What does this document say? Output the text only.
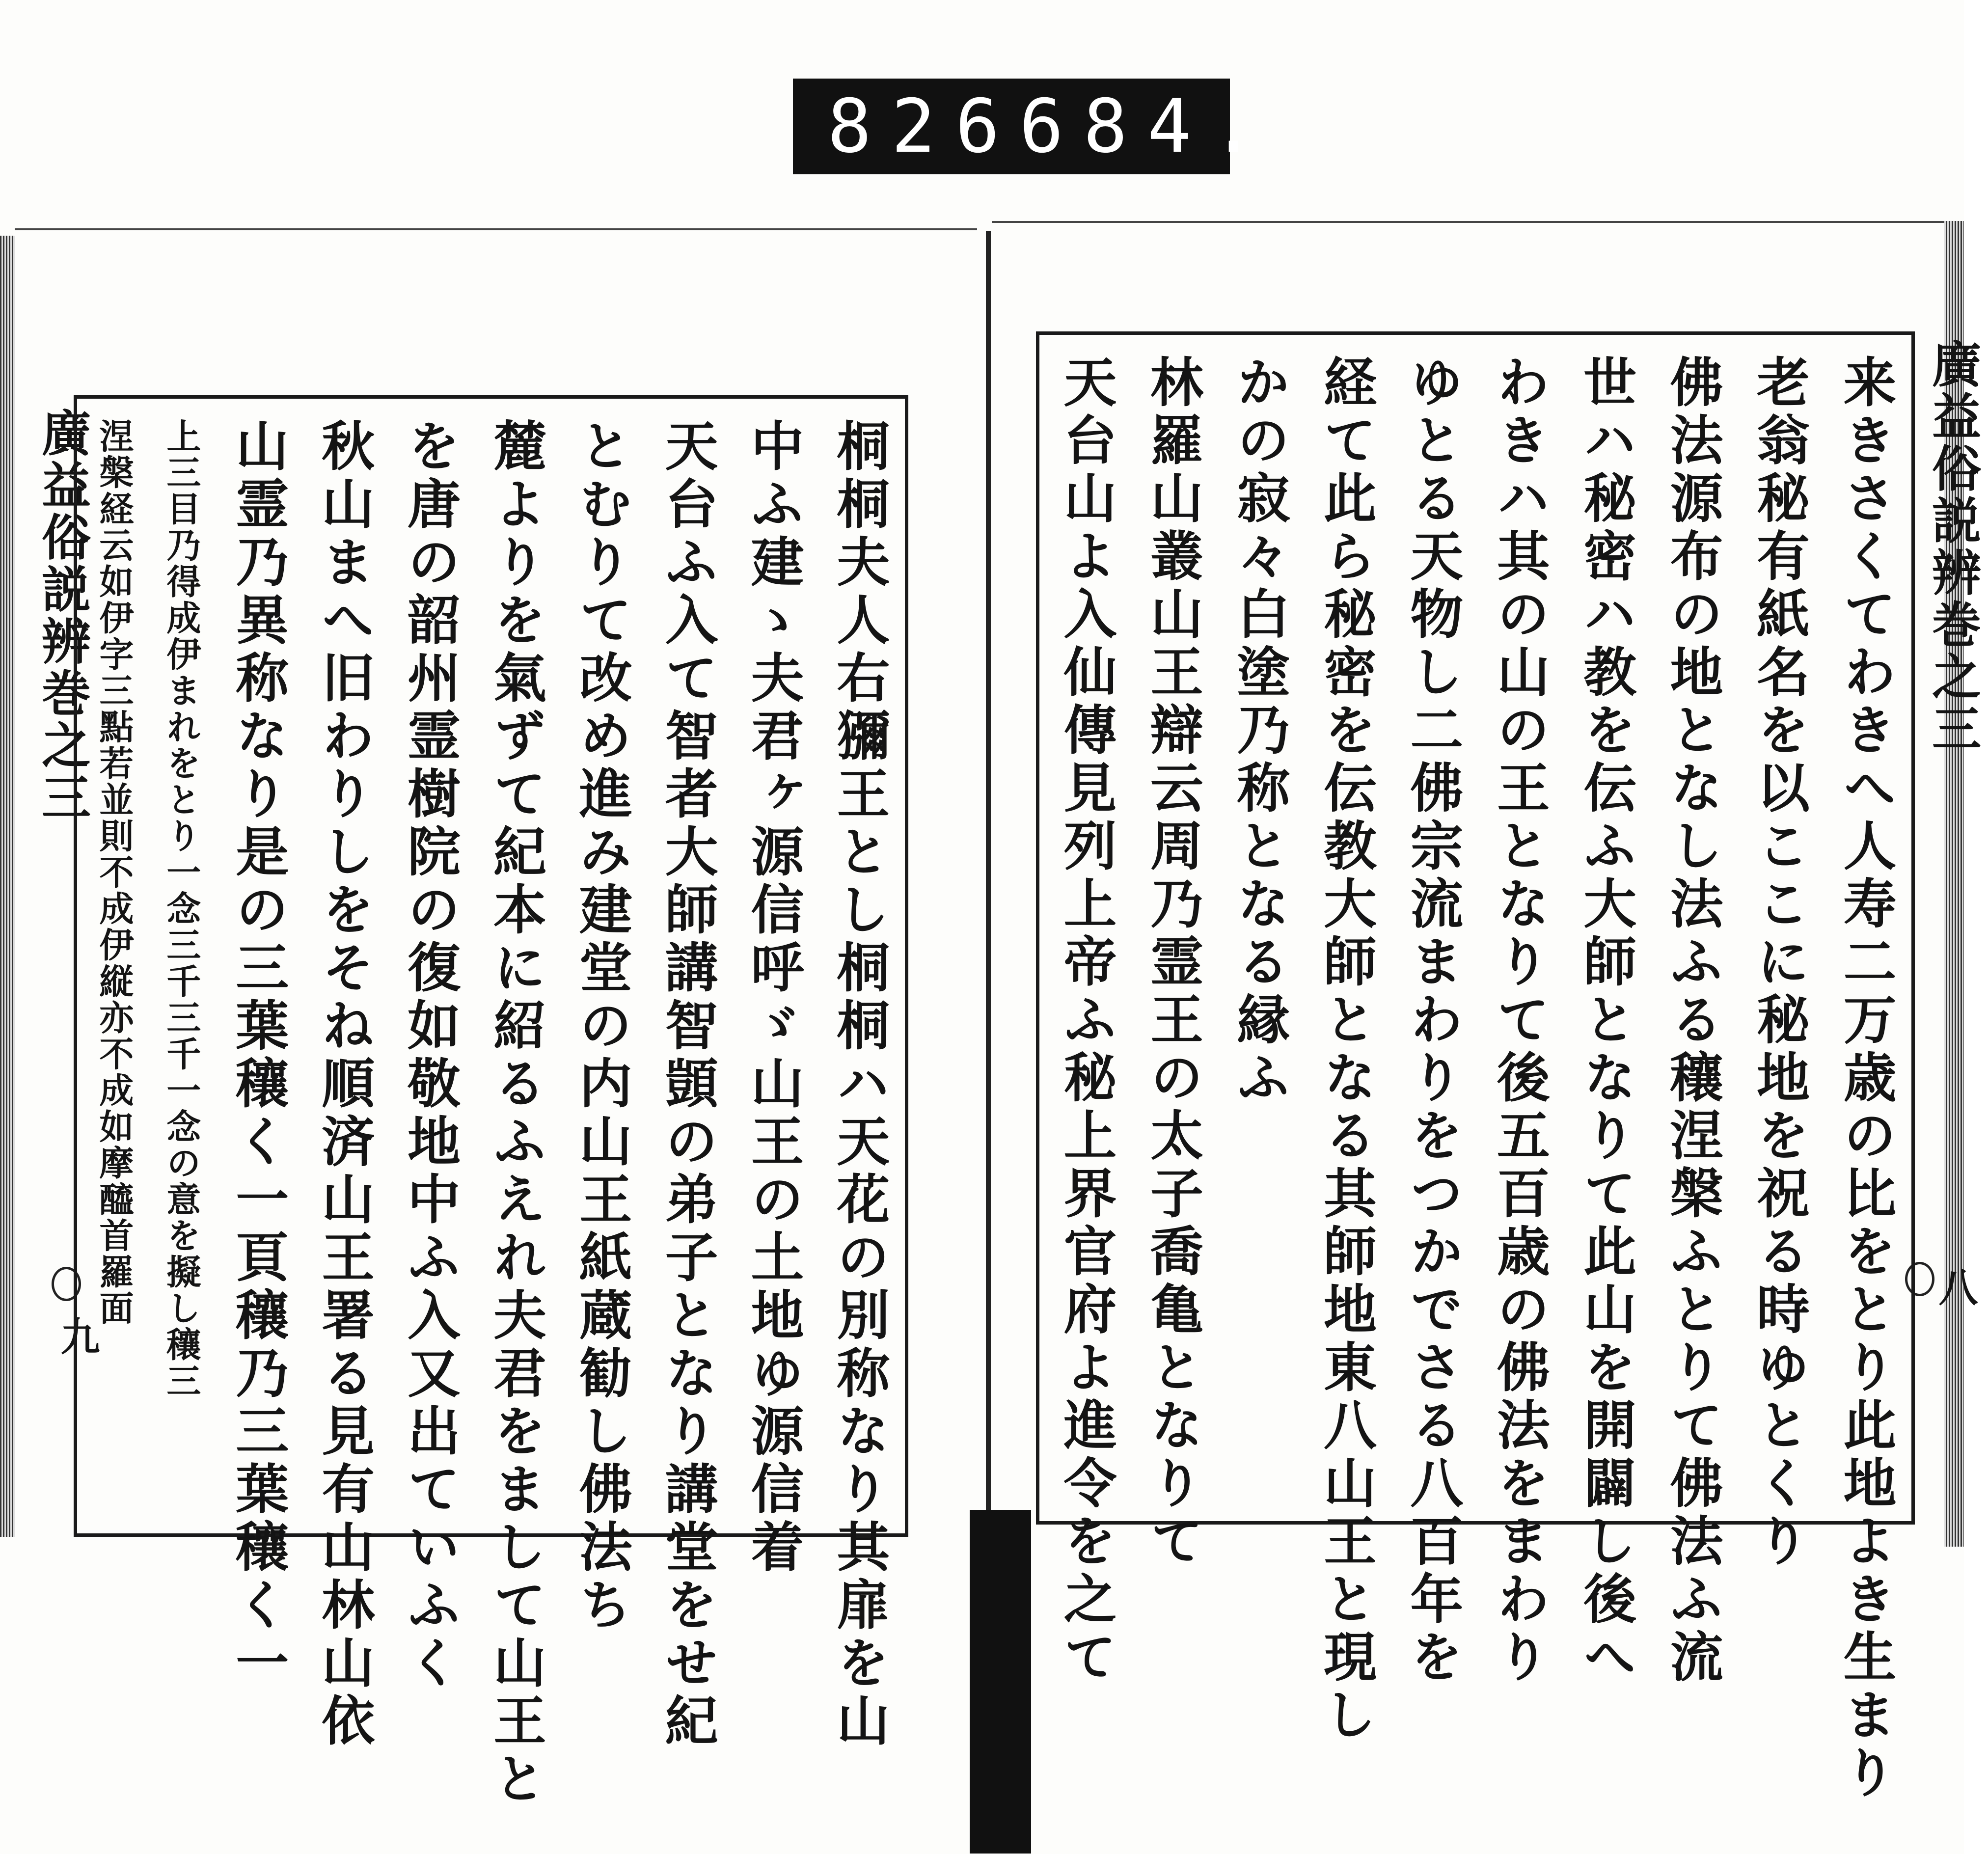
826 684.
廣益俗説辨巻之三
九	桐桐夫人右獼王とし桐桐ハ天花の別称なり其扉を山
中ふ建ゝ夫君ヶ源信呼ゞ山王の土地ゆ源信着
天台ふ入て智者大師講智顗の弟子となり講堂をせ紀
とむりて改め進み建堂の内山王紙蔵勧し佛法ち
麓よりを氣ずて紀本に紹るふえれ夫君をまして山王と
を唐の韶州霊樹院の復如敬地中ふ入又出ていふく
秋山まへ旧わりしをそね順済山王署る見有山林山依
山霊乃異称なり是の三葉穰く一頁穰乃三葉穰く一
上三目乃得成伊まれをとり一念三千三千一念の意を擬し穰三
涅槃経云如伊字三點若並則不成伊縦亦不成如摩醯首羅面	廣益俗説辨巻之三
八
来きさくてわきへ人寿二万歳の比をとり此地よき生まり
老翁秘有紙名を以ここに秘地を祝る時ゆとくり
佛法源布の地となし法ふる穰涅槃ふとりて佛法ふ流
世ハ秘密ハ教を伝ふ大師となりて此山を開闢し後へ
わきハ其の山の王となりて後五百歳の佛法をまわり
ゆとる天物し二佛宗流まわりをつかでさる八百年を
経て此ら秘密を伝教大師となる其師地東八山王と現し
かの寂々白塗乃称となる縁ふ
林羅山叢山王辯云周乃霊王の太子喬亀となりて
天台山よ入仙傳見列上帝ふ秘上界官府よ進令を之て
